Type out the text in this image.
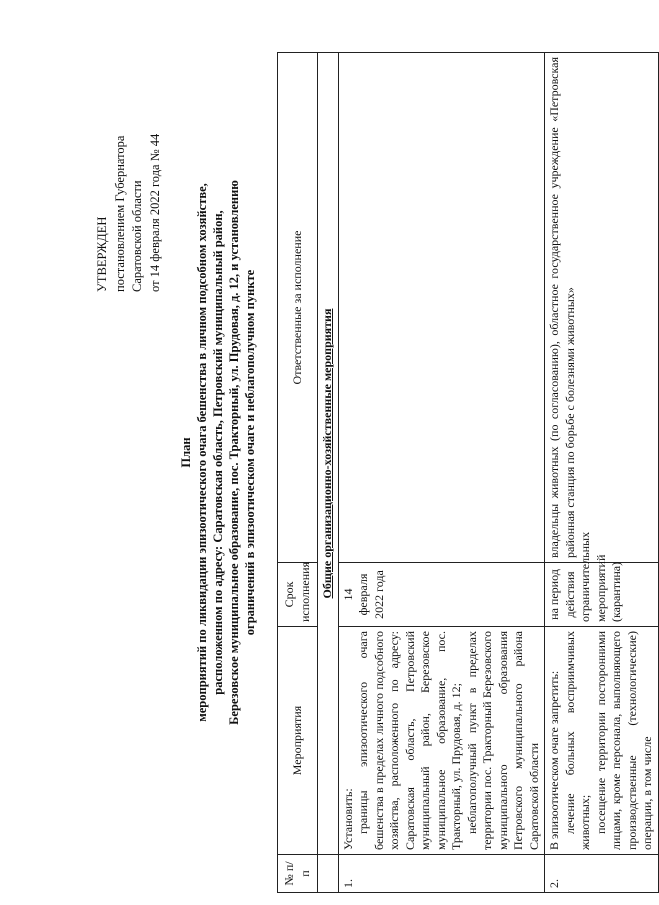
УТВЕРЖДЕН постановлением Губернатора Саратовской области от 14 февраля 2022 года № 44
План мероприятий по ликвидации эпизоотического очага бешенства в личном подсобном хозяйстве, расположенном по адресу: Саратовская область, Петровский муниципальный район, Березовское муниципальное образование, пос. Тракторный, ул. Прудовая, д. 12, и установлению ограничений в эпизоотическом очаге и неблагополучном пункте
№ п/п	Мероприятия	Срок исполнения	Ответственные за исполнение
	Общие организационно-хозяйственные мероприятия		
1.	Установить: границы эпизоотического очага бешенства в пределах личного подсобного хозяйства, расположенного по адресу: Саратовская область, Петровский муниципальный район, Березовское муниципальное образование, пос. Тракторный, ул. Прудовая, д. 12; неблагополучный пункт в пределах территории пос. Тракторный Березовского муниципального образования Петровского муниципального района Саратовской области	14 февраля 2022 года	
2.	В эпизоотическом очаге запретить: лечение больных восприимчивых животных; посещение территории посторонними лицами, кроме персонала, выполняющего производственные (технологические) операции, в том числе	на период действия ограничительных мероприятий (карантина)	владельцы животных (по согласованию), областное государственное учреждение «Петровская районная станция по борьбе с болезнями животных»
